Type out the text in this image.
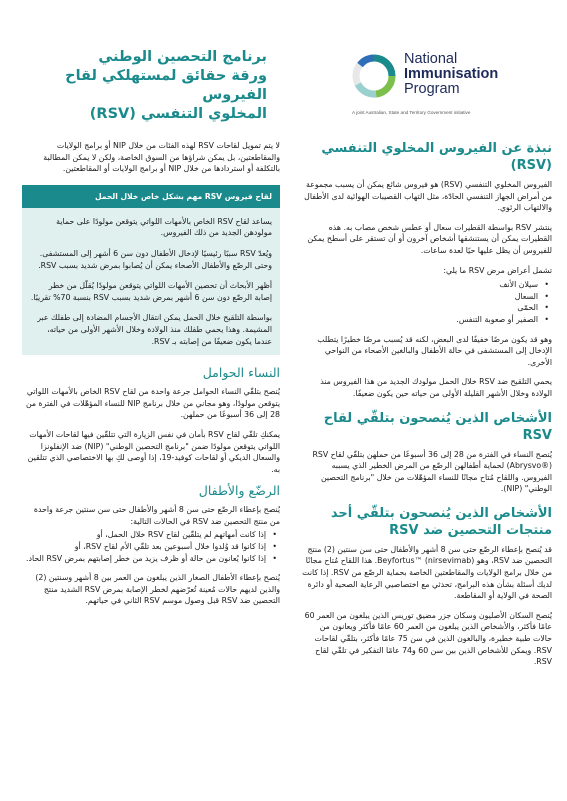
National
Immunisation
Program
A joint Australian, State and Territory Government initiative
برنامج التحصين الوطني
ورقة حقائق لمستهلكي لقاح الفيروس
المخلوي التنفسي (RSV)
نبذة عن الفيروس المخلوي التنفسي (RSV)

الفيروس المخلوي التنفسي (RSV) هو فيروس شائع يمكن أن يسبب مجموعة من أمراض الجهاز التنفسي الحادّة، مثل التهاب القصيبات الهوائية لدى الأطفال والالتهاب الرئوي.

ينتشر RSV بواسطة القطيرات سعال أو عطس شخص مصاب به. هذه القطيرات يمكن أن يستنشقها أشخاص آخرون أو أن تستقر على أسطح يمكن للفيروس أن يظل عليها حيًا لعدة ساعات.

تشمل أعراض مرض RSV ما يلي:

• سيلان الأنف
• السعال
• الحمّى
• الصفير أو صعوبة التنفس.

وهو قد يكون مرضًا خفيفًا لدى البعض، لكنه قد يُسبب مرضًا خطيرًا يتطلب الإدخال إلى المستشفى في حالة الأطفال والبالغين الأصحاء من النواحي الأخرى.

يحمي التلقيح ضد RSV خلال الحمل مولودك الجديد من هذا الفيروس منذ الولادة وخلال الأشهر القليلة الأولى من حياته حين يكون ضعيفًا.

الأشخاص الذين يُنصحون بتلقّي لقاح RSV

يُنصح النساء في الفترة من 28 إلى 36 أسبوعًا من حملهن بتلقّي لقاح RSV (Abrysvo®) لحماية أطفالهن الرضّع من المرض الخطير الذي يسببه الفيروس. واللقاح مُتاح مجانًا للنساء المؤهّلات من خلال "برنامج التحصين الوطني" (NIP).

الأشخاص الذين يُنصحون بتلقّي أحد منتجات التحصين ضد RSV

قد يُنصح بإعطاء الرضّع حتى سن 8 أشهر والأطفال حتى سن سنتين (2) منتج التحصين ضد RSV، وهو Beyfortus™ (nirsevimab). هذا اللقاح مُتاح مجانًا من خلال برامج الولايات والمقاطعتين الخاصة بحماية الرضّع من RSV. إذا كانت لديك أسئلة بشأن هذه البرامج، تحدثي مع اختصاصيي الرعاية الصحية أو دائرة الصحة في الولاية أو المقاطعة.

يُنصح السكان الأصليون وسكان جزر مضيق توريس الذين يبلغون من العمر 60 عامًا فأكثر، والأشخاص الذين يبلغون من العمر 60 عامًا فأكثر ويعانون من حالات طبية خطيرة، والبالغون الذين في سن 75 عامًا فأكثر، بتلقّي لقاحات RSV. ويمكن للأشخاص الذين بين سن 60 و74 عامًا التفكير في تلقّي لقاح RSV.

لا يتم تمويل لقاحات RSV لهذه الفئات من خلال NIP أو برامج الولايات والمقاطعتين، بل يمكن شراؤها من السوق الخاصة، ولكن لا يمكن المطالبة بالتكلفة أو استردادها من خلال NIP أو برامج الولايات أو المقاطعتين.

لقاح فيروس RSV مهم بشكل خاص خلال الحمل

يساعد لقاح RSV الخاص بالأمهات اللواتي يتوقعن مولودًا على حماية مولودهن الجديد من ذلك الفيروس.

ويُعدّ RSV سببًا رئيسيًا لإدخال الأطفال دون سن 6 أشهر إلى المستشفى. وحتى الرضّع والأطفال الأصحاء يمكن أن يُصابوا بمرض شديد بسبب RSV.

أظهر الأبحاث أن تحصين الأمهات اللواتي يتوقعن مولودًا يُقلّل من خطر إصابة الرضّع دون سن 6 أشهر بمرض شديد بسبب RSV بنسبة 70% تقريبًا.

بواسطة التلقيح خلال الحمل يمكن انتقال الأجسام المضادة إلى طفلك عبر المشيمة. وهذا يحمي طفلك منذ الولادة وخلال الأشهر الأولى من حياته، عندما يكون ضعيفًا من إصابته بـ RSV.

النساء الحوامل

يُنصح بتلقّي النساء الحوامل جرعة واحدة من لقاح RSV الخاص بالأمهات اللواتي يتوقعن مولودًا، وهو مجاني من خلال برنامج NIP للنساء المؤهّلات في الفترة من 28 إلى 36 أسبوعًا من حملهن.

يمكنكِ تلقّي لقاح RSV بأمان في نفس الزيارة التي تتلقّين فيها لقاحات الأمهات اللواتي يتوقعن مولودًا ضمن "برنامج التحصين الوطني" (NIP) ضد الإنفلونزا والسعال الديكي أو لقاحات كوفيد-19، إذا أوصى لكِ بها الاختصاصي الذي تتلقين به.

الرضّع والأطفال

يُنصح بإعطاء الرضّع حتى سن 8 أشهر والأطفال حتى سن سنتين جرعة واحدة من منتج التحصين ضد RSV في الحالات التالية:

• إذا كانت أمهاتهم لم يتلقّين لقاح RSV خلال الحمل، أو
• إذا كانوا قد وُلدوا خلال أسبوعين بعد تلقّي الأم لقاح RSV، أو
• إذا كانوا يُعانون من حالة أو ظرف يزيد من خطر إصابتهم بمرض RSV الحاد.

يُنصح بإعطاء الأطفال الصغار الذين يبلغون من العمر بين 8 أشهر وسنتين (2) والذين لديهم حالات مُعينة تُعرّضهم لخطر الإصابة بمرض RSV الشديد منتج التحصين ضد RSV قبل وصول موسم RSV الثاني في حياتهم.
